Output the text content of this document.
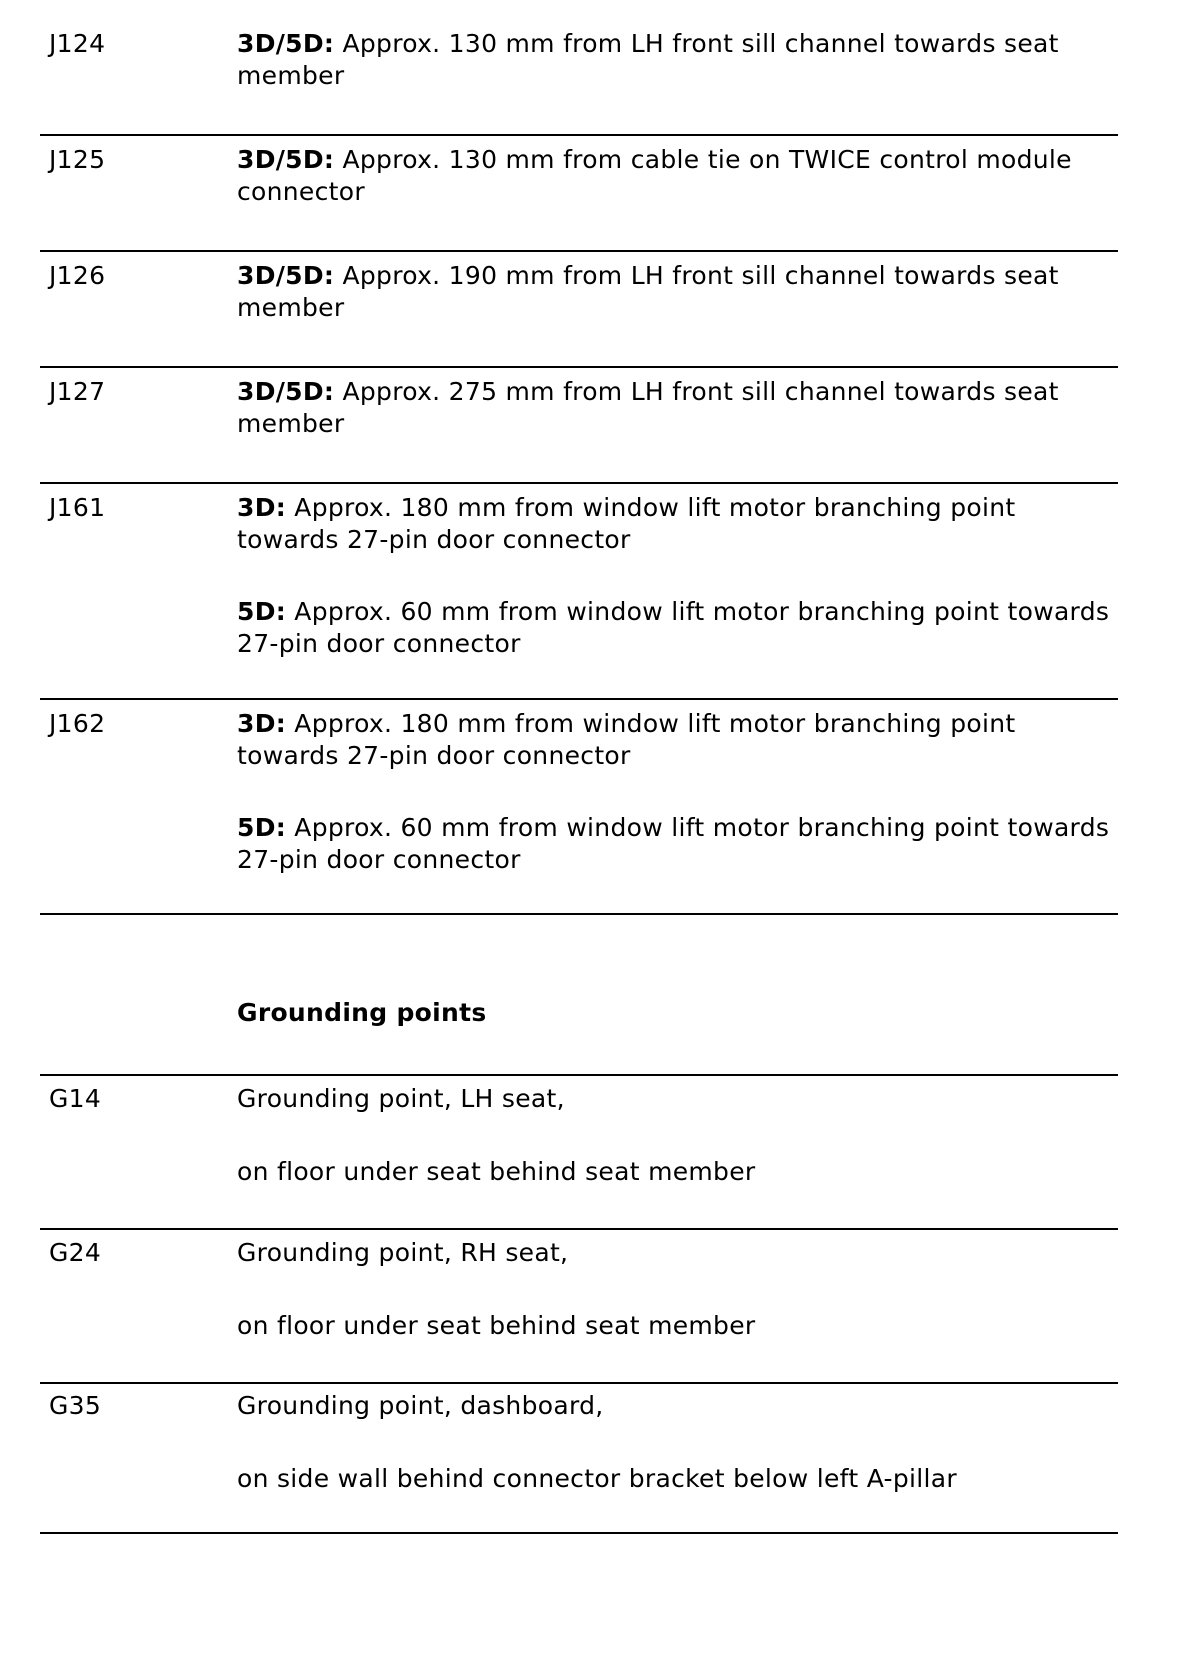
J124	3D/5D: Approx. 130 mm from LH front sill channel towards seat member

J125	3D/5D: Approx. 130 mm from cable tie on TWICE control module connector

J126	3D/5D: Approx. 190 mm from LH front sill channel towards seat member

J127	3D/5D: Approx. 275 mm from LH front sill channel towards seat member

J161	3D: Approx. 180 mm from window lift motor branching point towards 27-pin door connector

5D: Approx. 60 mm from window lift motor branching point towards 27-pin door connector

J162	3D: Approx. 180 mm from window lift motor branching point towards 27-pin door connector

5D: Approx. 60 mm from window lift motor branching point towards 27-pin door connector

Grounding points
G14	Grounding point, LH seat,

on floor under seat behind seat member

G24	Grounding point, RH seat,

on floor under seat behind seat member

G35	Grounding point, dashboard,

on side wall behind connector bracket below left A-pillar
